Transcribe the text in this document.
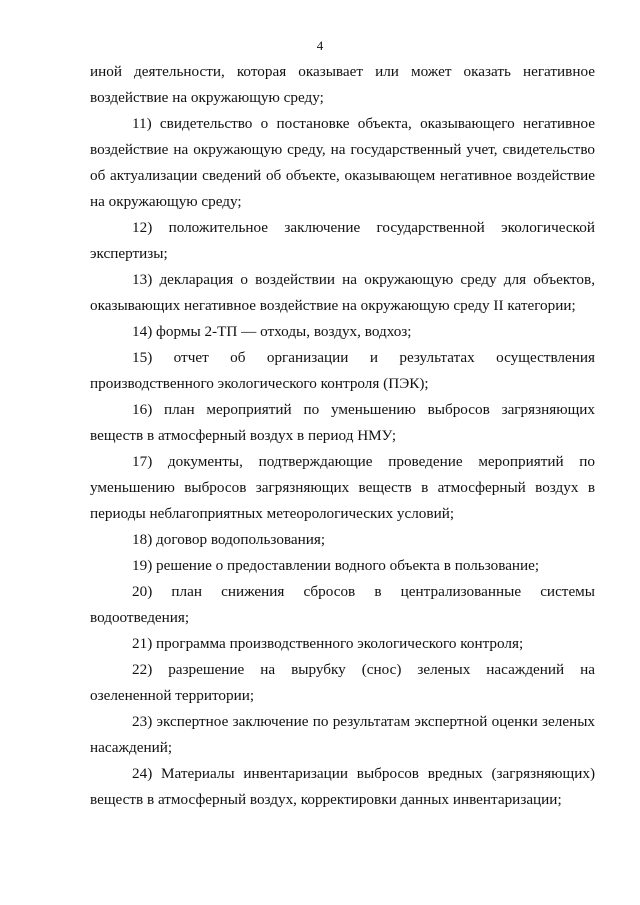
4

иной деятельности, которая оказывает или может оказать негативное воздействие на окружающую среду;

11) свидетельство о постановке объекта, оказывающего негативное воздействие на окружающую среду, на государственный учет, свидетельство об актуализации сведений об объекте, оказывающем негативное воздействие на окружающую среду;

12) положительное заключение государственной экологической экспертизы;

13) декларация о воздействии на окружающую среду для объектов, оказывающих негативное воздействие на окружающую среду II категории;

14) формы 2-ТП — отходы, воздух, водхоз;

15) отчет об организации и результатах осуществления производственного экологического контроля (ПЭК);

16) план мероприятий по уменьшению выбросов загрязняющих веществ в атмосферный воздух в период НМУ;

17) документы, подтверждающие проведение мероприятий по уменьшению выбросов загрязняющих веществ в атмосферный воздух в периоды неблагоприятных метеорологических условий;

18) договор водопользования;

19) решение о предоставлении водного объекта в пользование;

20) план снижения сбросов в централизованные системы водоотведения;

21) программа производственного экологического контроля;

22) разрешение на вырубку (снос) зеленых насаждений на озелененной территории;

23) экспертное заключение по результатам экспертной оценки зеленых насаждений;

24) Материалы инвентаризации выбросов вредных (загрязняющих) веществ в атмосферный воздух, корректировки данных инвентаризации;
